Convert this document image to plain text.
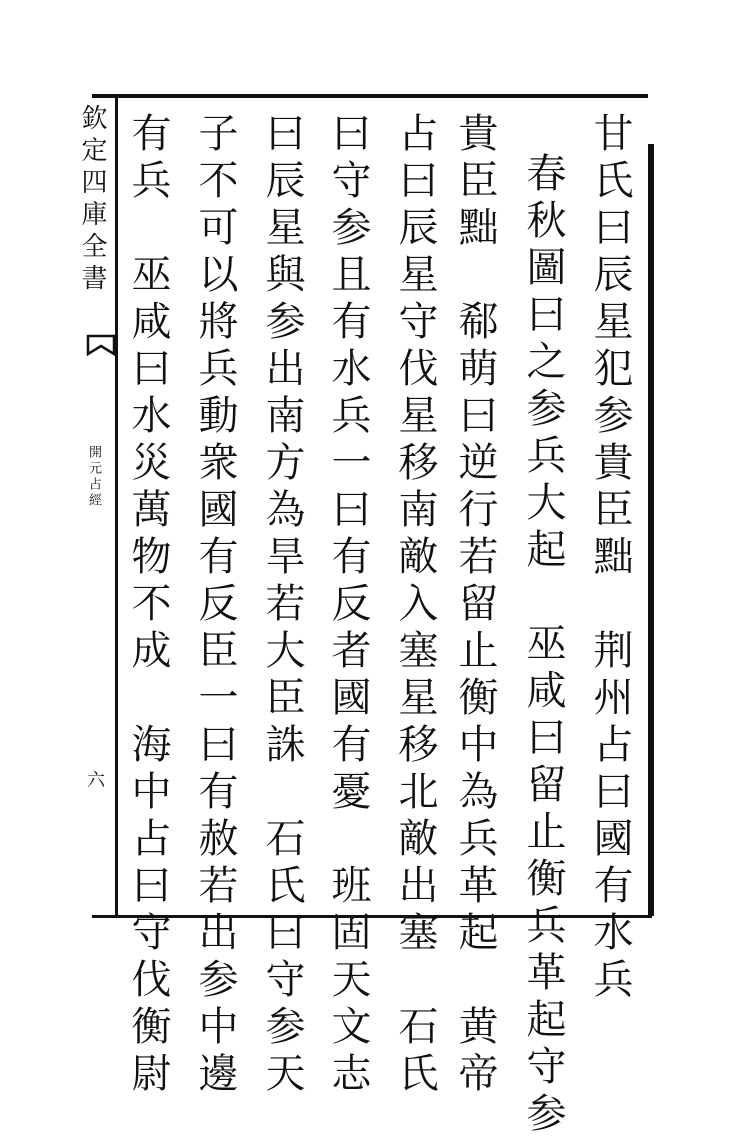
欽定四庫全書
開元占經
六	甘氏曰辰星犯参貴臣黜　荆州占曰國有水兵
春秋圖曰之参兵大起　巫咸曰留止衡兵革起守参
貴臣黜　郗萌曰逆行若留止衡中為兵革起　黄帝
占曰辰星守伐星移南敵入塞星移北敵出塞　石氏
曰守参且有水兵一曰有反者國有憂　班固天文志
曰辰星與参出南方為旱若大臣誅　石氏曰守参天
子不可以將兵動衆國有反臣一曰有赦若出参中邊
有兵　巫咸曰水災萬物不成　海中占曰守伐衡尉
